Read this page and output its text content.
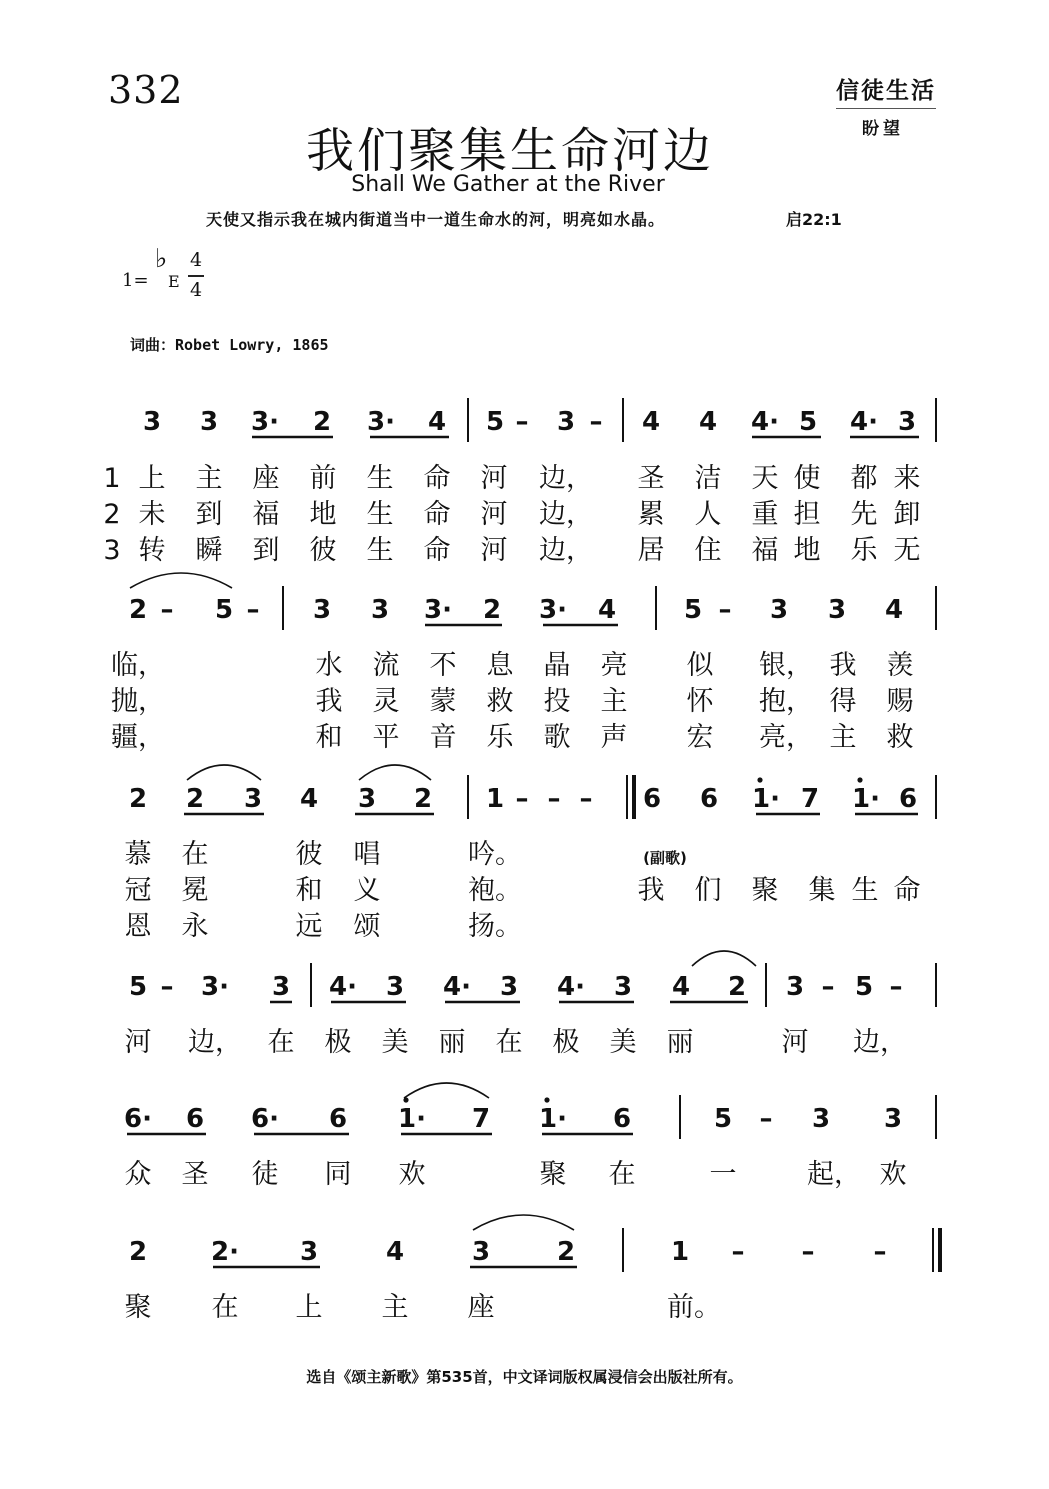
332	信徒生活
盼望
我们聚集生命河边
Shall We Gather at the River
天使又指示我在城内街道当中一道生命水的河，明亮如水晶。	启22:1
1=
♭
E
4
4
词曲：Robet Lowry, 1865
3 3 3· 2 3· 4 5 – 3 – 4 4 4· 5 4· 3
1 上 主 座 前 生 命 河 边， 圣 洁 天 使 都 来
2 未 到 福 地 生 命 河 边， 累 人 重 担 先 卸
3 转 瞬 到 彼 生 命 河 边， 居 住 福 地 乐 无
2 – 5 – 3 3 3· 2 3· 4	5 – 3 3 4
临，	水 流 不 息 晶 亮 似 银， 我 羡
抛，	我 灵 蒙 救 投 主 怀 抱， 得 赐
疆，	和 平 音 乐 歌 声 宏 亮， 主 救
2 2 3 4 3 2 1 – – – 6 6 1· 7 1· 6
慕 在	彼 唱	吟。	(副歌)
冠 冕	和 义	袍。	我 们 聚 集 生 命
恩 永	远 颂	扬。
5 – 3· 3 4· 3 4· 3 4· 3 4 2 3 – 5 –
河 边， 在 极 美 丽 在 极 美 丽	河 边，
6· 6 6· 6 1· 7 1· 6	5 – 3 3
众 圣 徒 同 欢	聚 在	一	起， 欢
2 2· 3	4	3	2	1 – – –
聚 在 上 主 座	前。
选自《颂主新歌》第535首，中文译词版权属浸信会出版社所有。
